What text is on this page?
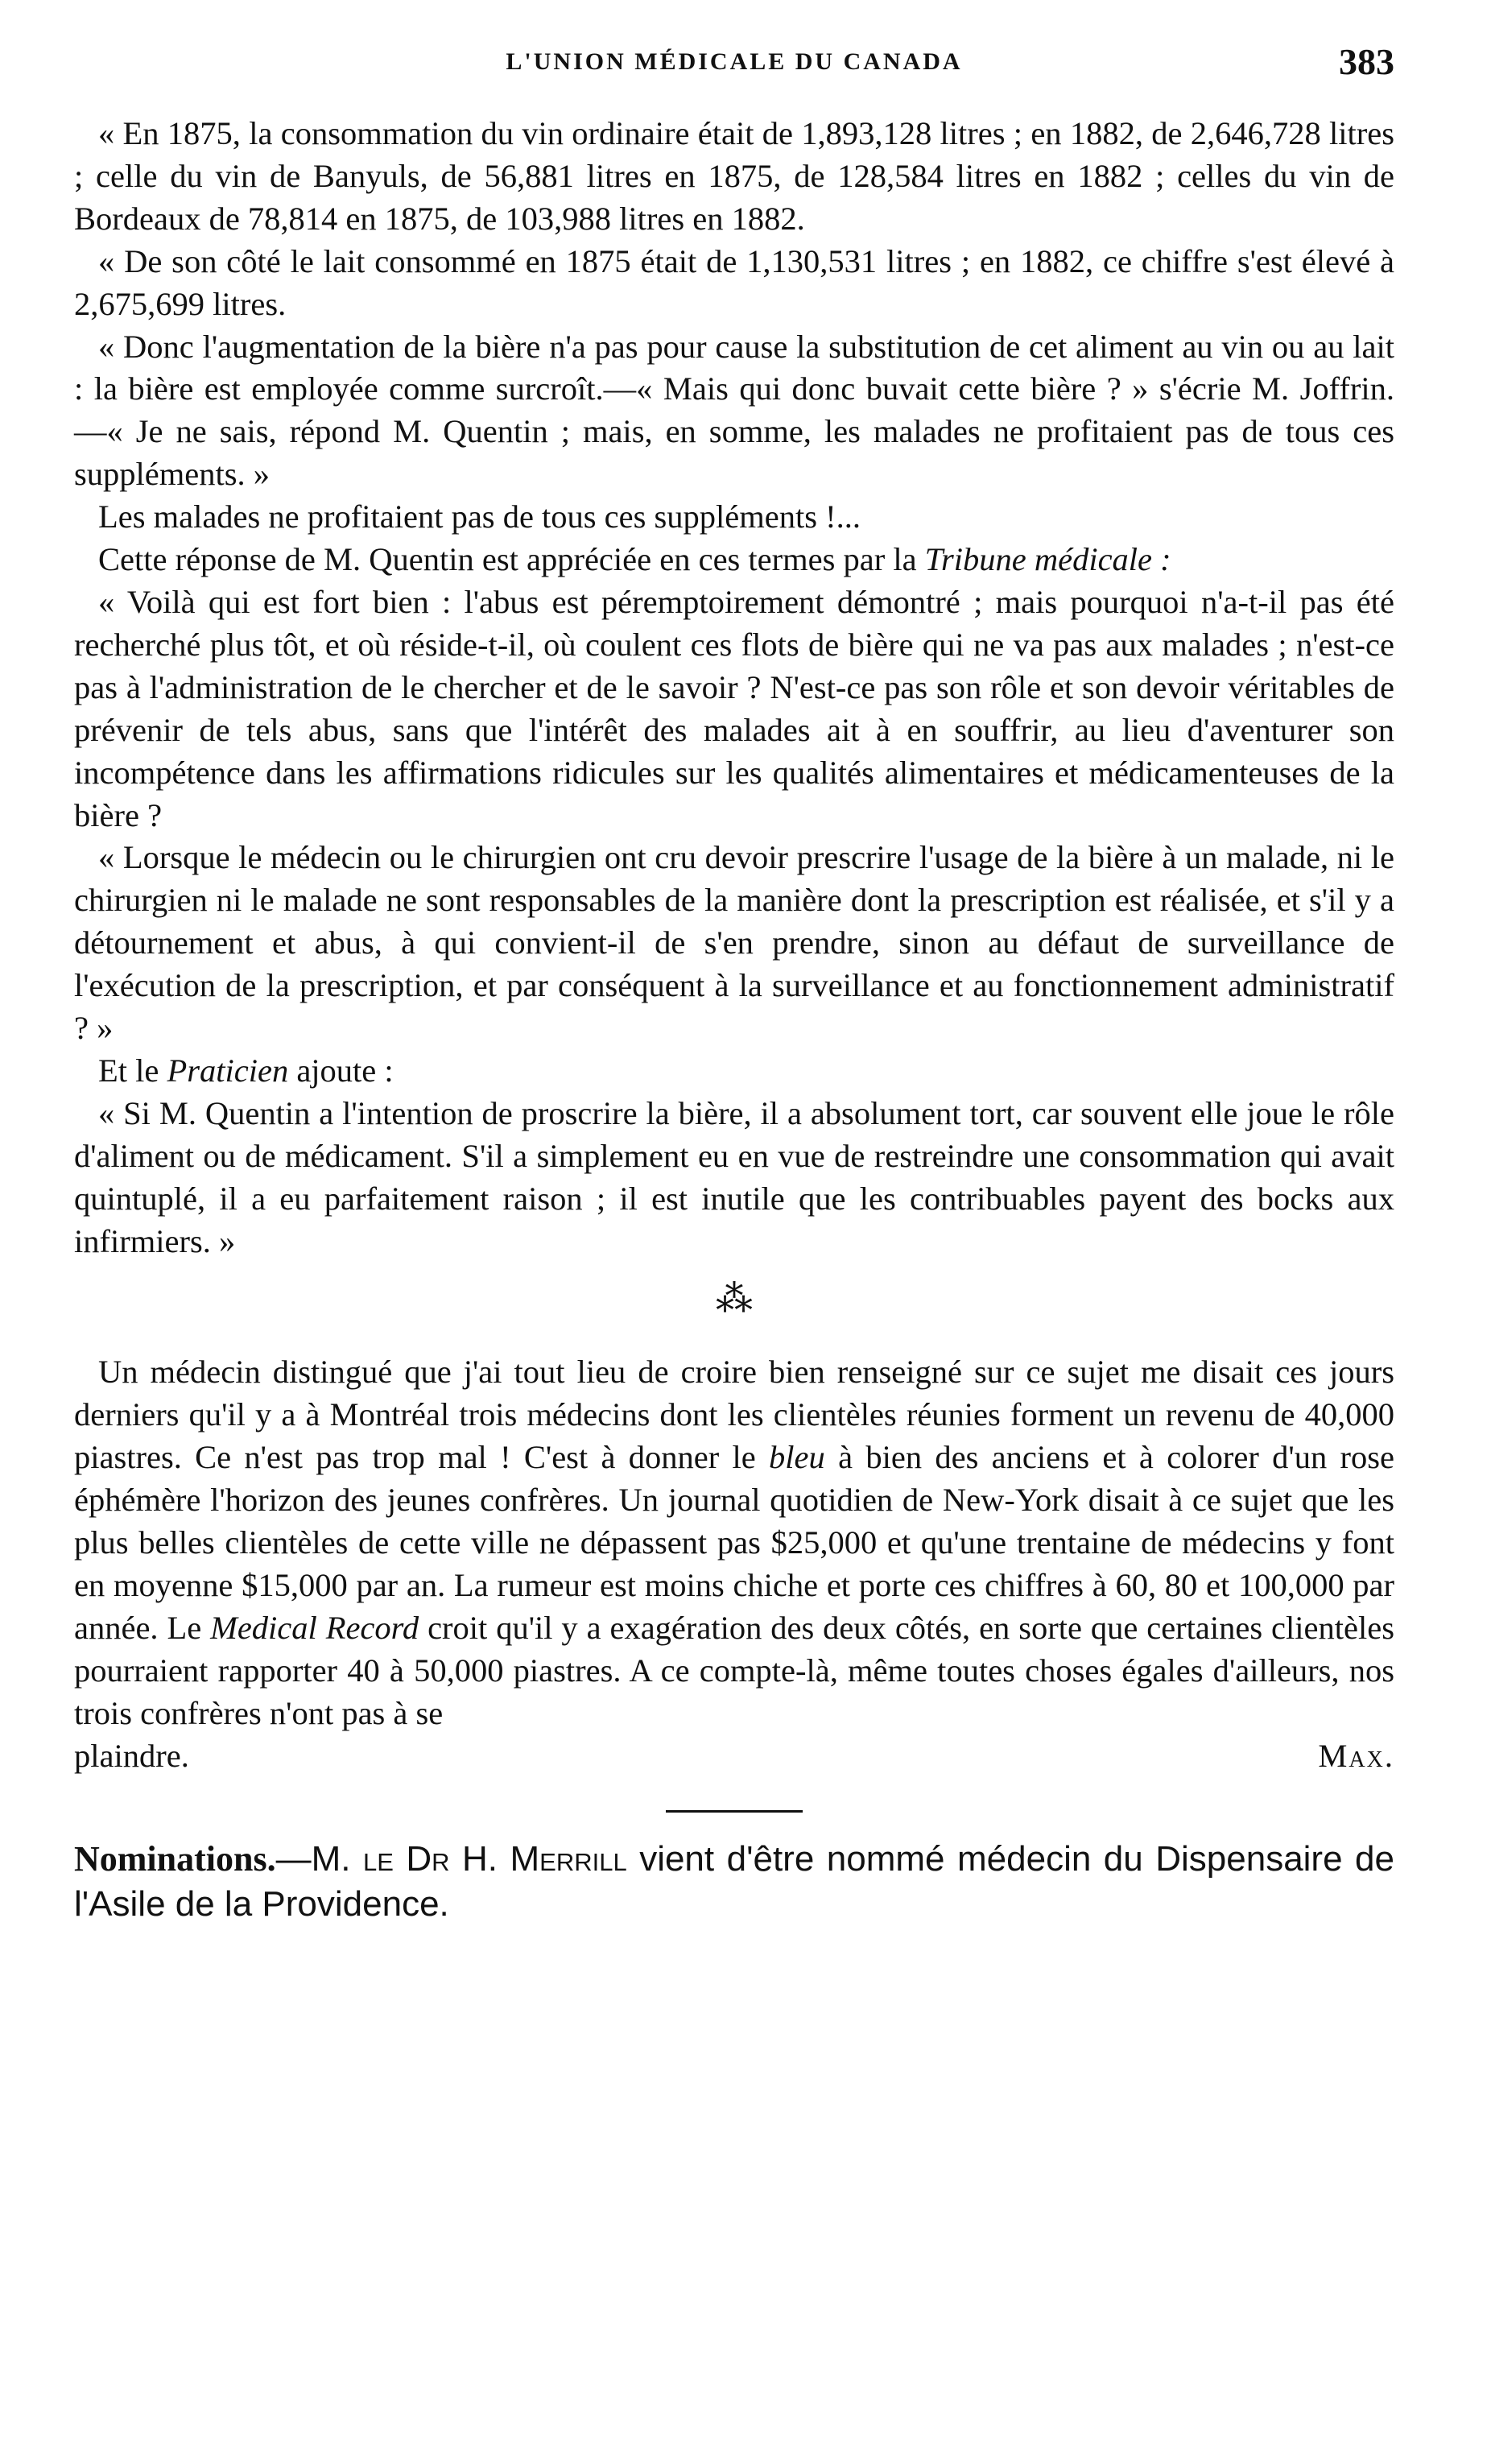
L'UNION MÉDICALE DU CANADA	383

« En 1875, la consommation du vin ordinaire était de 1,893,128 litres ; en 1882, de 2,646,728 litres ; celle du vin de Banyuls, de 56,881 litres en 1875, de 128,584 litres en 1882 ; celles du vin de Bordeaux de 78,814 en 1875, de 103,988 litres en 1882.

« De son côté le lait consommé en 1875 était de 1,130,531 litres ; en 1882, ce chiffre s'est élevé à 2,675,699 litres.

« Donc l'augmentation de la bière n'a pas pour cause la substitution de cet aliment au vin ou au lait : la bière est employée comme surcroît.—« Mais qui donc buvait cette bière ? » s'écrie M. Joffrin.—« Je ne sais, répond M. Quentin ; mais, en somme, les malades ne profitaient pas de tous ces suppléments. »

Les malades ne profitaient pas de tous ces suppléments !...

Cette réponse de M. Quentin est appréciée en ces termes par la Tribune médicale :

« Voilà qui est fort bien : l'abus est péremptoirement démontré ; mais pourquoi n'a-t-il pas été recherché plus tôt, et où réside-t-il, où coulent ces flots de bière qui ne va pas aux malades ; n'est-ce pas à l'administration de le chercher et de le savoir ? N'est-ce pas son rôle et son devoir véritables de prévenir de tels abus, sans que l'intérêt des malades ait à en souffrir, au lieu d'aventurer son incompétence dans les affirmations ridicules sur les qualités alimentaires et médicamenteuses de la bière ?

« Lorsque le médecin ou le chirurgien ont cru devoir prescrire l'usage de la bière à un malade, ni le chirurgien ni le malade ne sont responsables de la manière dont la prescription est réalisée, et s'il y a détournement et abus, à qui convient-il de s'en prendre, sinon au défaut de surveillance de l'exécution de la prescription, et par conséquent à la surveillance et au fonctionnement administratif ? »

Et le Praticien ajoute :

« Si M. Quentin a l'intention de proscrire la bière, il a absolument tort, car souvent elle joue le rôle d'aliment ou de médicament. S'il a simplement eu en vue de restreindre une consommation qui avait quintuplé, il a eu parfaitement raison ; il est inutile que les contribuables payent des bocks aux infirmiers. »

⁂

Un médecin distingué que j'ai tout lieu de croire bien renseigné sur ce sujet me disait ces jours derniers qu'il y a à Montréal trois médecins dont les clientèles réunies forment un revenu de 40,000 piastres. Ce n'est pas trop mal ! C'est à donner le bleu à bien des anciens et à colorer d'un rose éphémère l'horizon des jeunes confrères. Un journal quotidien de New-York disait à ce sujet que les plus belles clientèles de cette ville ne dépassent pas $25,000 et qu'une trentaine de médecins y font en moyenne $15,000 par an. La rumeur est moins chiche et porte ces chiffres à 60, 80 et 100,000 par année. Le Medical Record croit qu'il y a exagération des deux côtés, en sorte que certaines clientèles pourraient rapporter 40 à 50,000 piastres. A ce compte-là, même toutes choses égales d'ailleurs, nos trois confrères n'ont pas à se

plaindre.	Max.

Nominations.—M. le Dr H. Merrill vient d'être nommé médecin du Dispensaire de l'Asile de la Providence.
